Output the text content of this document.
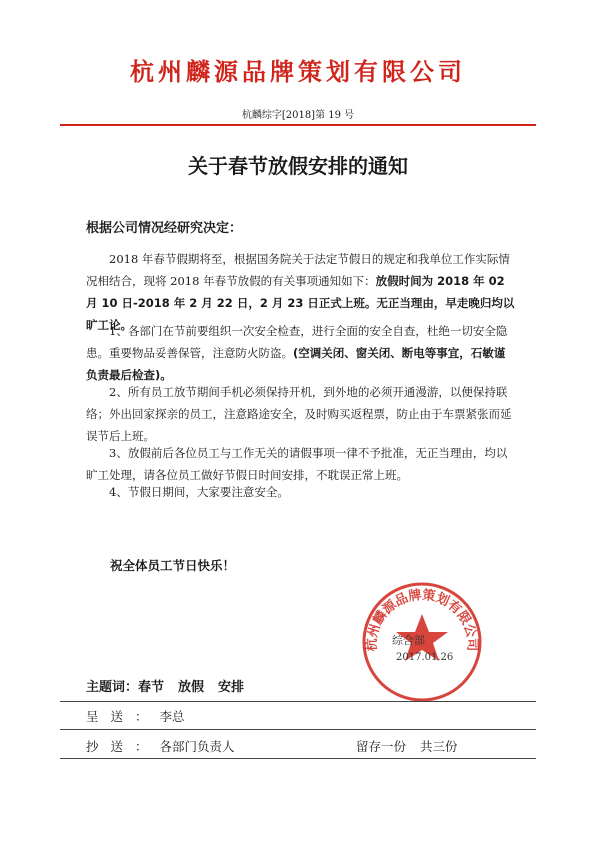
杭州麟源品牌策划有限公司
杭麟综字[2018]第 19 号
关于春节放假安排的通知
根据公司情况经研究决定：
2018 年春节假期将至，根据国务院关于法定节假日的规定和我单位工作实际情况相结合，现将 2018 年春节放假的有关事项通知如下：放假时间为 2018 年 02 月 10 日-2018 年 2 月 22 日，2 月 23 日正式上班。无正当理由，早走晚归均以旷工论。
1、各部门在节前要组织一次安全检查，进行全面的安全自查，杜绝一切安全隐患。重要物品妥善保管，注意防火防盗。(空调关闭、窗关闭、断电等事宜，石敏谨负责最后检查)。
2、所有员工放节期间手机必须保持开机，到外地的必须开通漫游，以便保持联络；外出回家探亲的员工，注意路途安全，及时购买返程票，防止由于车票紧张而延误节后上班。
3、放假前后各位员工与工作无关的请假事项一律不予批准，无正当理由，均以旷工处理，请各位员工做好节假日时间安排，不耽误正常上班。
4、节假日期间，大家要注意安全。
祝全体员工节日快乐！
杭州麟源品牌策划有限公司
综合部
2017.01.26
主题词：春节 放假 安排
呈送：李总
抄送：各部门负责人	留存一份 共三份
